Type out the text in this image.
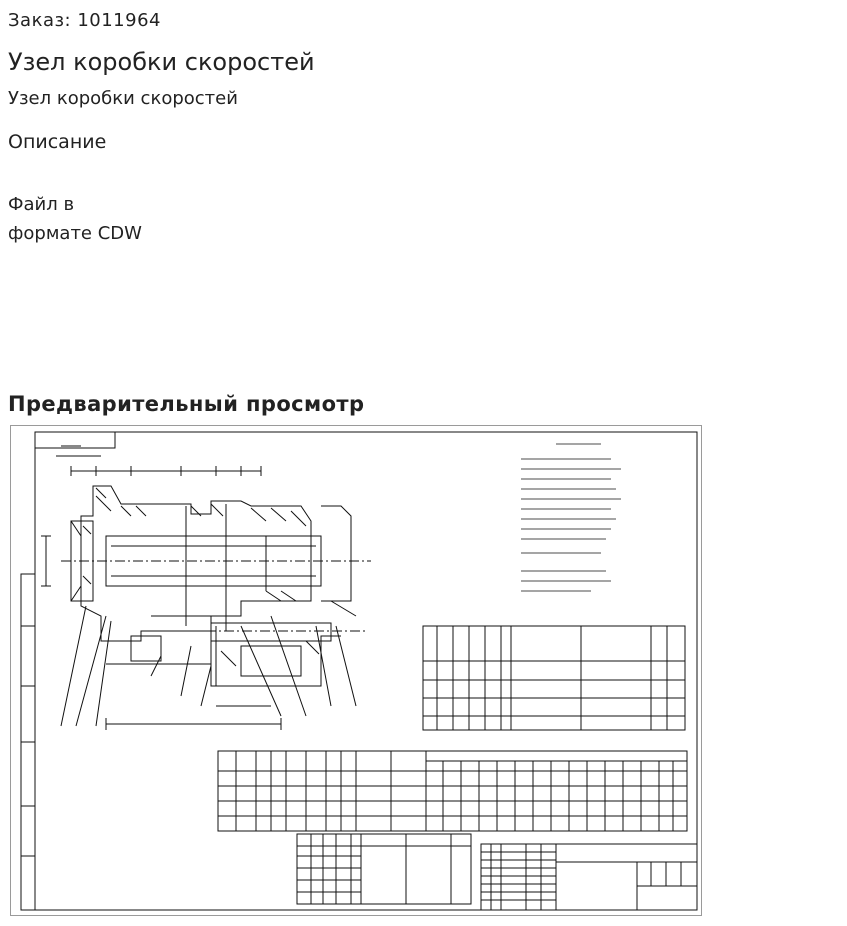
Заказ: 1011964
Узел коробки скоростей
Узел коробки скоростей
Описание
Файл в
формате CDW
Предварительный просмотр
